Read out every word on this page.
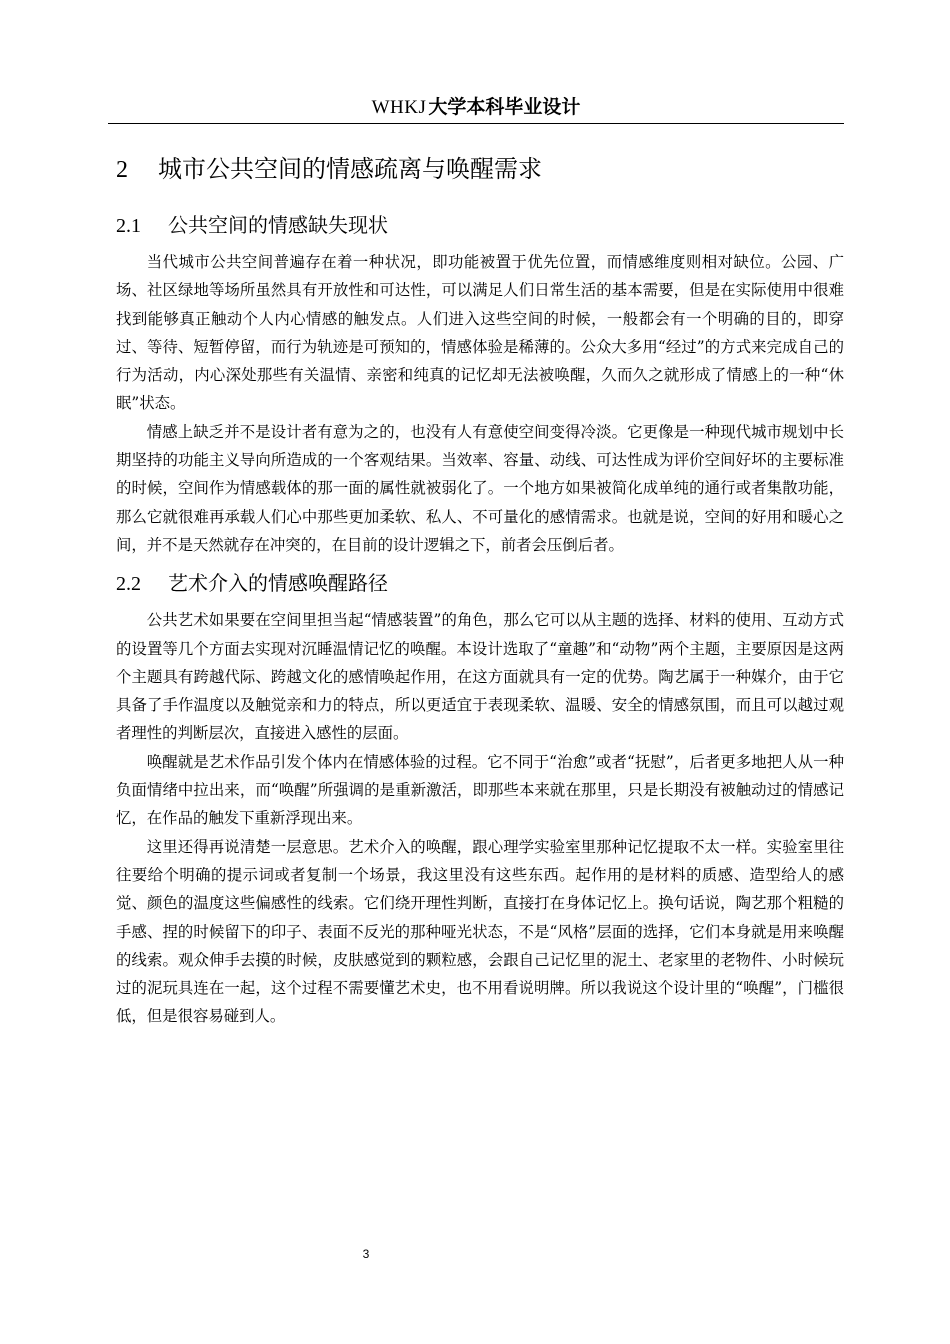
WHKJ 大学本科毕业设计
2 城市公共空间的情感疏离与唤醒需求
2.1 公共空间的情感缺失现状

当代城市公共空间普遍存在着一种状况，即功能被置于优先位置，而情感维度则相对缺位。公园、广场、社区绿地等场所虽然具有开放性和可达性，可以满足人们日常生活的基本需要，但是在实际使用中很难找到能够真正触动个人内心情感的触发点。人们进入这些空间的时候，一般都会有一个明确的目的，即穿过、等待、短暂停留，而行为轨迹是可预知的，情感体验是稀薄的。公众大多用“经过”的方式来完成自己的行为活动，内心深处那些有关温情、亲密和纯真的记忆却无法被唤醒，久而久之就形成了情感上的一种“休眠”状态。

情感上缺乏并不是设计者有意为之的，也没有人有意使空间变得冷淡。它更像是一种现代城市规划中长期坚持的功能主义导向所造成的一个客观结果。当效率、容量、动线、可达性成为评价空间好坏的主要标准的时候，空间作为情感载体的那一面的属性就被弱化了。一个地方如果被简化成单纯的通行或者集散功能，那么它就很难再承载人们心中那些更加柔软、私人、不可量化的感情需求。也就是说，空间的好用和暖心之间，并不是天然就存在冲突的，在目前的设计逻辑之下，前者会压倒后者。

2.2 艺术介入的情感唤醒路径

公共艺术如果要在空间里担当起“情感装置”的角色，那么它可以从主题的选择、材料的使用、互动方式的设置等几个方面去实现对沉睡温情记忆的唤醒。本设计选取了“童趣”和“动物”两个主题，主要原因是这两个主题具有跨越代际、跨越文化的感情唤起作用，在这方面就具有一定的优势。陶艺属于一种媒介，由于它具备了手作温度以及触觉亲和力的特点，所以更适宜于表现柔软、温暖、安全的情感氛围，而且可以越过观者理性的判断层次，直接进入感性的层面。

唤醒就是艺术作品引发个体内在情感体验的过程。它不同于“治愈”或者“抚慰”，后者更多地把人从一种负面情绪中拉出来，而“唤醒”所强调的是重新激活，即那些本来就在那里，只是长期没有被触动过的情感记忆，在作品的触发下重新浮现出来。

这里还得再说清楚一层意思。艺术介入的唤醒，跟心理学实验室里那种记忆提取不太一样。实验室里往往要给个明确的提示词或者复制一个场景，我这里没有这些东西。起作用的是材料的质感、造型给人的感觉、颜色的温度这些偏感性的线索。它们绕开理性判断，直接打在身体记忆上。换句话说，陶艺那个粗糙的手感、捏的时候留下的印子、表面不反光的那种哑光状态，不是“风格”层面的选择，它们本身就是用来唤醒的线索。观众伸手去摸的时候，皮肤感觉到的颗粒感，会跟自己记忆里的泥土、老家里的老物件、小时候玩过的泥玩具连在一起，这个过程不需要懂艺术史，也不用看说明牌。所以我说这个设计里的“唤醒”，门槛很低，但是很容易碰到人。

3
